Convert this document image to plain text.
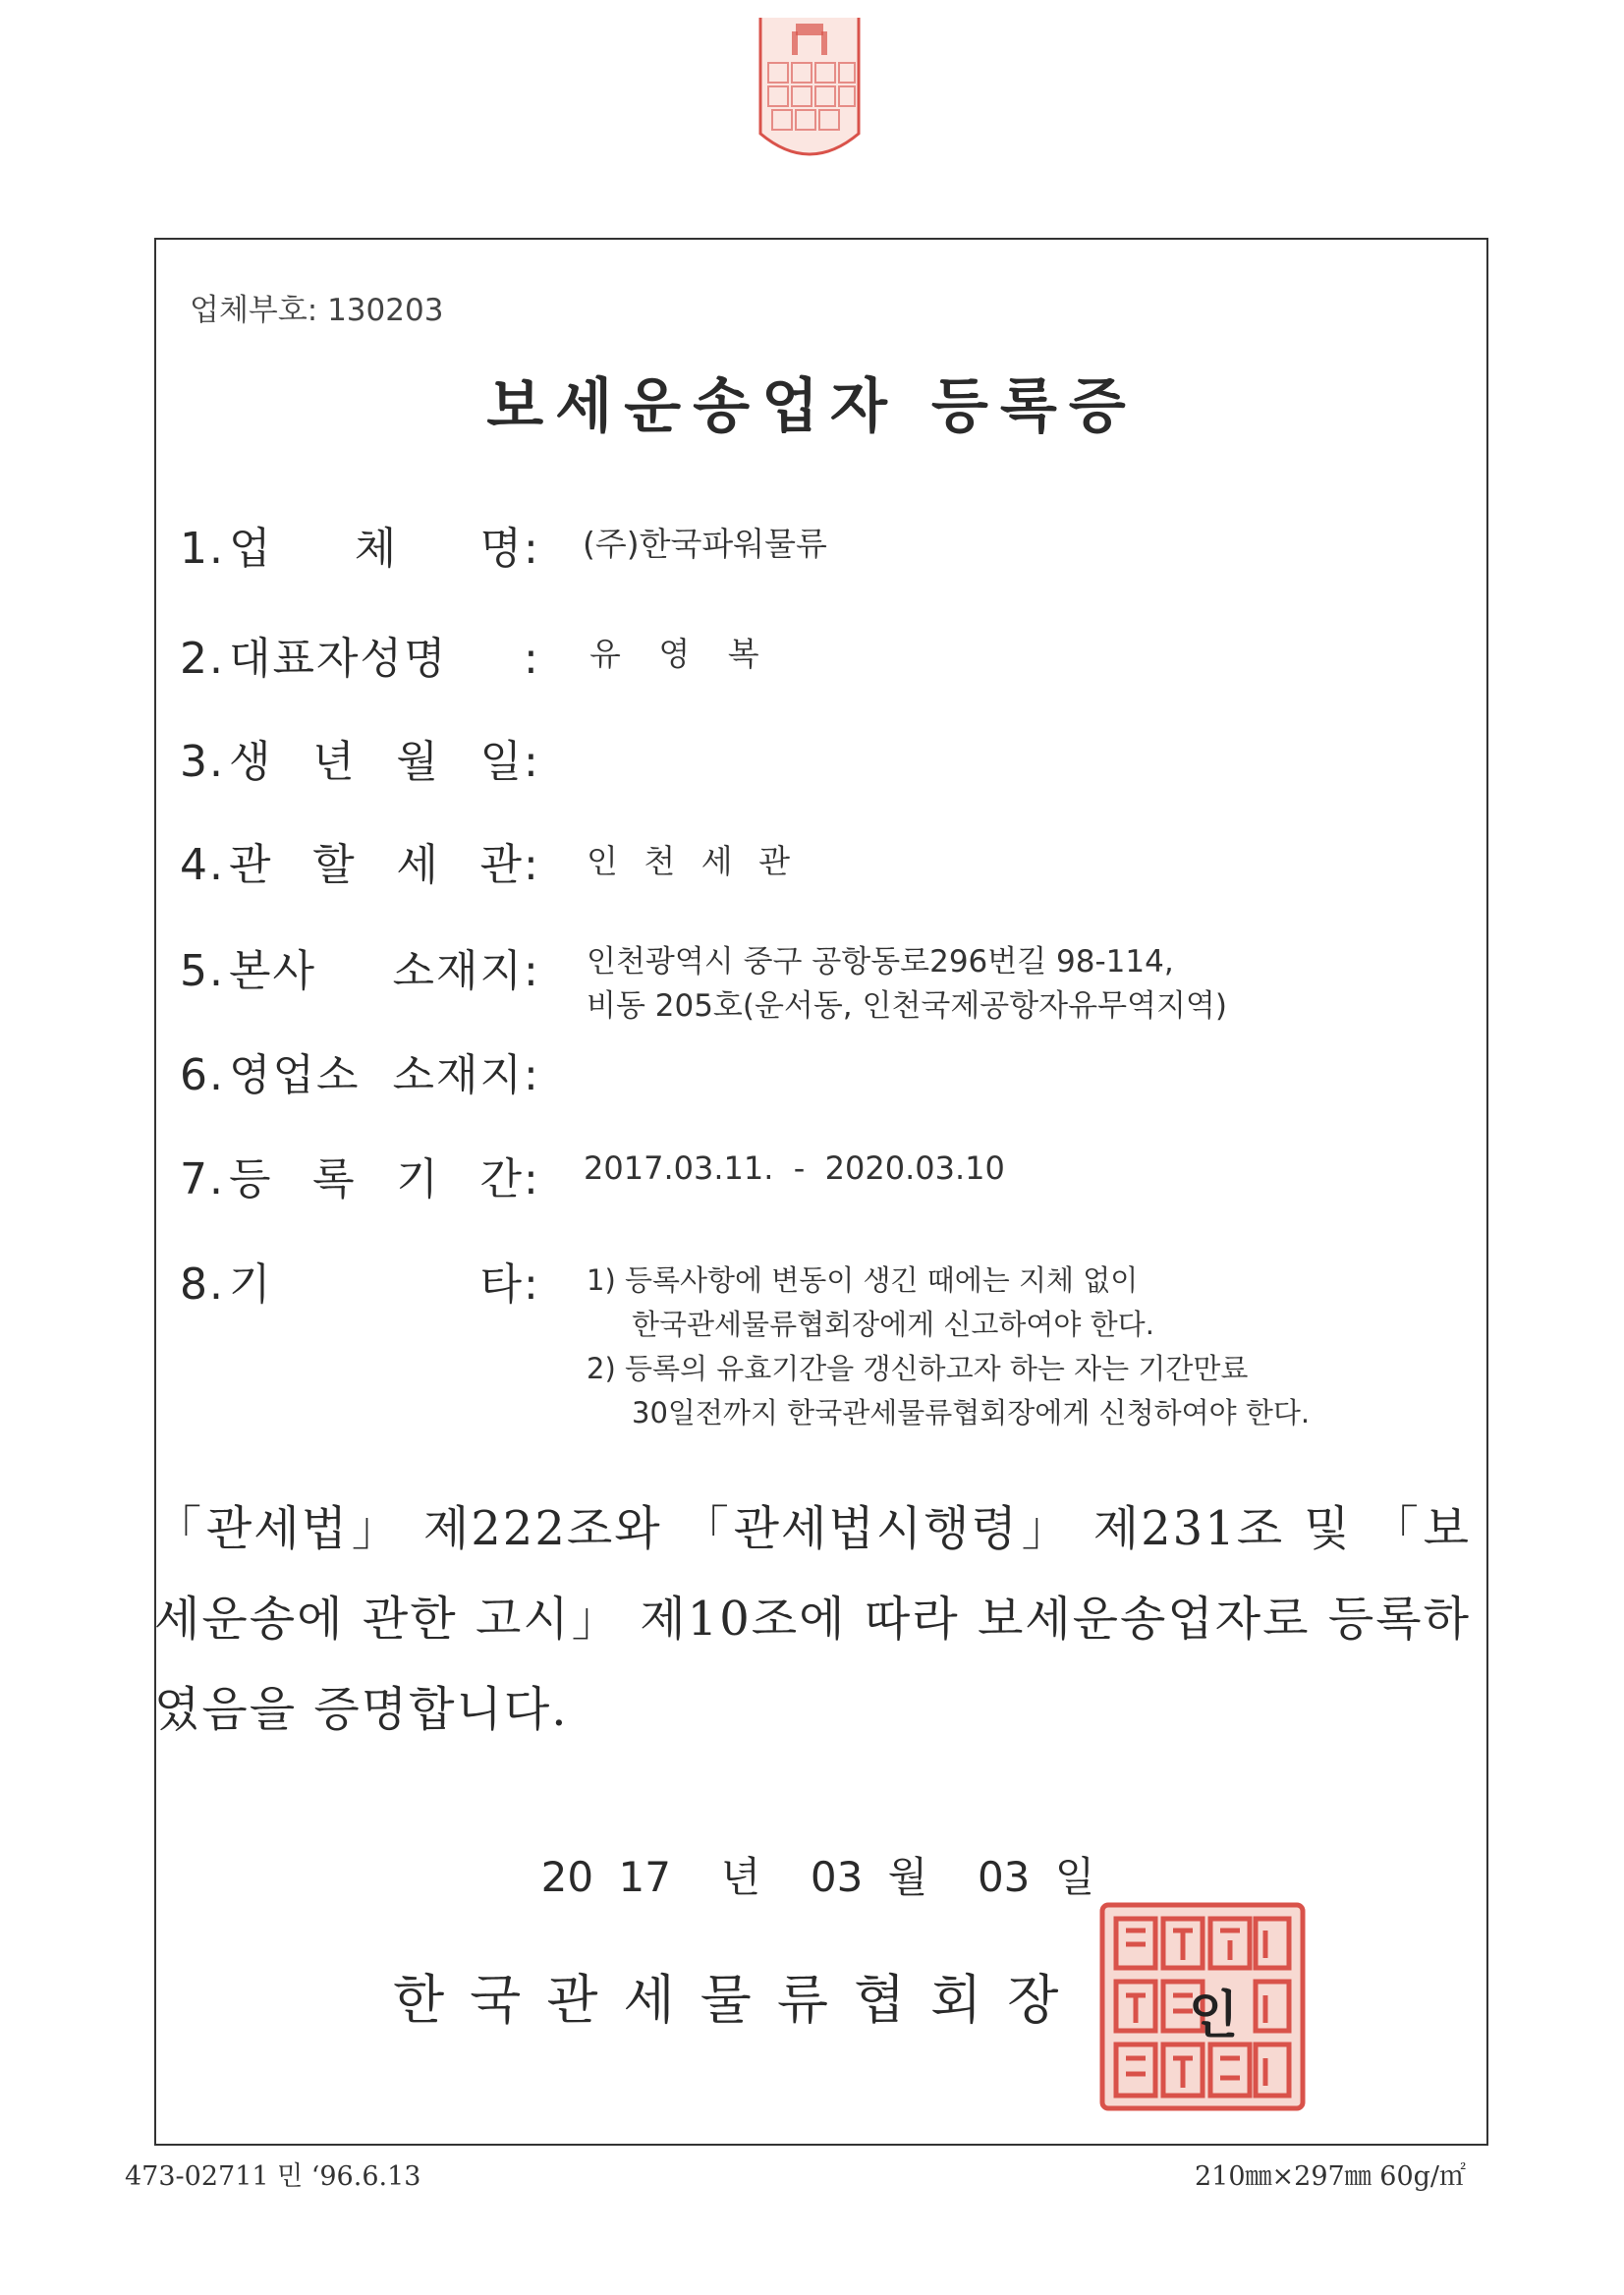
업체부호: 130203
보세운송업자 등록증
1.업 체 명: (주)한국파워물류
2.대표자성명 : 유 영 복
3.생 년 월 일:
4.관 할 세 관: 인 천 세 관
5.본사 소재지: 인천광역시 중구 공항동로296번길 98-114,
비동 205호(운서동, 인천국제공항자유무역지역)
6.영업소 소재지:
7.등 록 기 간: 2017.03.11.  -  2020.03.10
8.기 타: 1) 등록사항에 변동이 생긴 때에는 지체 없이
한국관세물류협회장에게 신고하여야 한다.
2) 등록의 유효기간을 갱신하고자 하는 자는 기간만료
30일전까지 한국관세물류협회장에게 신청하여야 한다.
「관세법」 제222조와 「관세법시행령」 제231조 및 「보세운송에 관한 고시」 제10조에 따라 보세운송업자로 등록하였음을 증명합니다.
20 17  년  03 월  03 일
한국관세물류협회장 인
473-02711 민 ‘96.6.13	210㎜×297㎜ 60g/㎡
